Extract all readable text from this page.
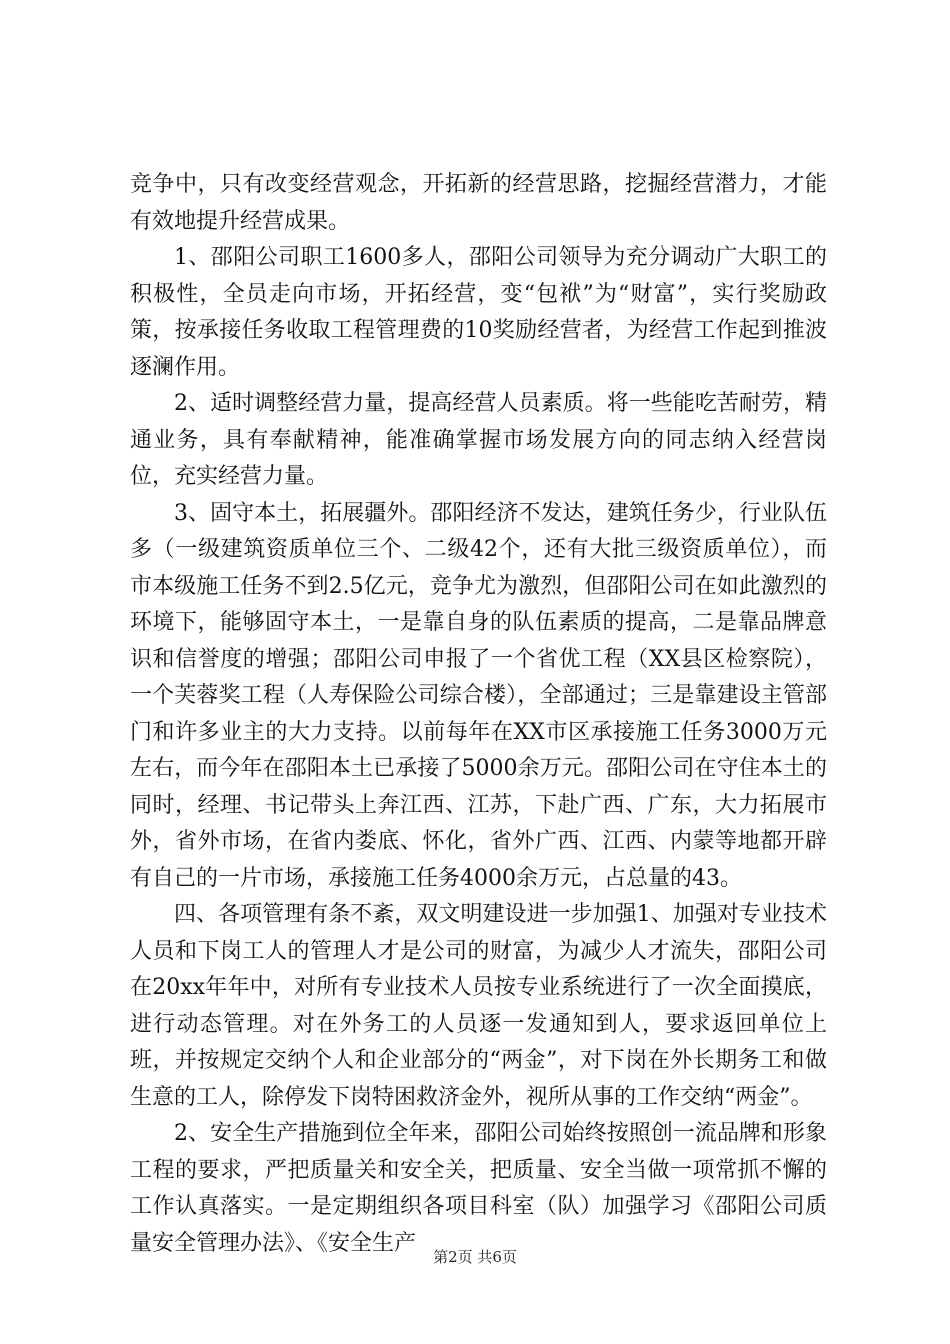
竞争中，只有改变经营观念，开拓新的经营思路，挖掘经营潜力，才能有效地提升经营成果。

1、邵阳公司职工1600多人，邵阳公司领导为充分调动广大职工的积极性，全员走向市场，开拓经营，变“包袱”为“财富”，实行奖励政策，按承接任务收取工程管理费的10奖励经营者，为经营工作起到推波逐澜作用。

2、适时调整经营力量，提高经营人员素质。将一些能吃苦耐劳，精通业务，具有奉献精神，能准确掌握市场发展方向的同志纳入经营岗位，充实经营力量。

3、固守本土，拓展疆外。邵阳经济不发达，建筑任务少，行业队伍多（一级建筑资质单位三个、二级42个，还有大批三级资质单位），而市本级施工任务不到2.5亿元，竞争尤为激烈，但邵阳公司在如此激烈的环境下，能够固守本土，一是靠自身的队伍素质的提高，二是靠品牌意识和信誉度的增强；邵阳公司申报了一个省优工程（XX县区检察院），一个芙蓉奖工程（人寿保险公司综合楼），全部通过；三是靠建设主管部门和许多业主的大力支持。以前每年在XX市区承接施工任务3000万元左右，而今年在邵阳本土已承接了5000余万元。邵阳公司在守住本土的同时，经理、书记带头上奔江西、江苏，下赴广西、广东，大力拓展市外，省外市场，在省内娄底、怀化，省外广西、江西、内蒙等地都开辟有自己的一片市场，承接施工任务4000余万元，占总量的43。

四、各项管理有条不紊，双文明建设进一步加强1、加强对专业技术人员和下岗工人的管理人才是公司的财富，为减少人才流失，邵阳公司在20xx年年中，对所有专业技术人员按专业系统进行了一次全面摸底，进行动态管理。对在外务工的人员逐一发通知到人，要求返回单位上班，并按规定交纳个人和企业部分的“两金”，对下岗在外长期务工和做生意的工人，除停发下岗特困救济金外，视所从事的工作交纳“两金”。

2、安全生产措施到位全年来，邵阳公司始终按照创一流品牌和形象工程的要求，严把质量关和安全关，把质量、安全当做一项常抓不懈的工作认真落实。一是定期组织各项目科室（队）加强学习《邵阳公司质量安全管理办法》、《安全生产

第2页 共6页
